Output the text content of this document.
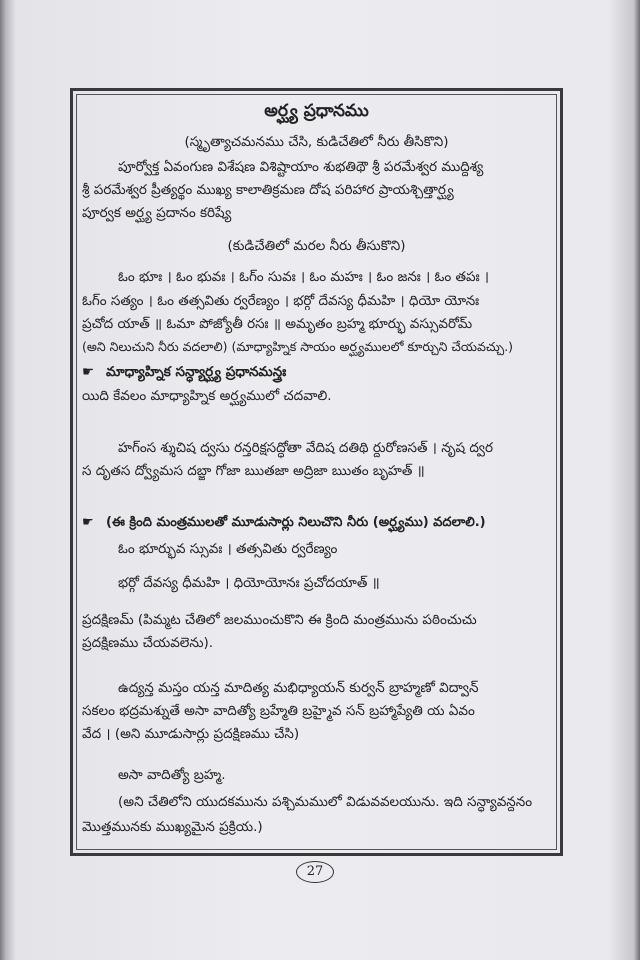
అర్ఘ్య ప్రధానము
(స్మృత్యాచమనము చేసి, కుడిచేతిలో నీరు తీసికొని)
పూర్వోక్త ఏవంగుణ విశేషణ విశిష్టాయాం శుభతిథౌ శ్రీ పరమేశ్వర ముద్దిశ్య
శ్రీ పరమేశ్వర ప్రీత్యర్థం ముఖ్య కాలాతిక్రమణ దోష పరిహార ప్రాయశ్చిత్తార్ఘ్య
పూర్వక అర్ఘ్య ప్రదానం కరిష్యే
(కుడిచేతిలో మరల నీరు తీసుకొని)
ఓం భూః । ఓం భువః । ఓగ్ం సువః । ఓం మహః । ఓం జనః । ఓం తపః ।
ఓగ్ం సత్యం । ఓం తత్సవితు ర్వరేణ్యం । భర్గో దేవస్య ధీమహి । ధియో యోనః
ప్రచోద యాత్ ॥ ఓమా పోజ్యోతీ రసః ॥ అమృతం బ్రహ్మ భూర్భు వస్సువరోమ్
(అని నిలుచుని నీరు వదలాలి) (మాధ్యాహ్నిక సాయం అర్ఘ్యములలో కూర్చుని చేయవచ్చు.)
☛ మాధ్యాహ్నిక సన్ధ్యార్ఘ్య ప్రధానమన్త్రః
యిది కేవలం మాధ్యాహ్నిక అర్ఘ్యములో చదవాలి.
హగ్ంస శ్శుచిష ద్వసు రన్తరిక్షసద్ధోతా వేదిష దతిథి ర్దురోణసత్ । నృష ద్వర
స దృతస ద్వ్యోమస దబ్జా గోజా ఋతజా అద్రిజా ఋతం బృహత్ ॥
☛ (ఈ క్రింది మంత్రములతో మూడుసార్లు నిలుచొని నీరు (అర్ఘ్యము) వదలాలి.)
ఓం భూర్భువ స్సువః । తత్సవితు ర్వరేణ్యం
భర్గో దేవస్య ధీమహి । ధియోయోనః ప్రచోదయాత్ ॥
ప్రదక్షిణమ్ (పిమ్మట చేతిలో జలముంచుకొని ఈ క్రింది మంత్రమును పఠించుచు
ప్రదక్షిణము చేయవలెను).
ఉద్యన్త మస్తం యన్త మాదిత్య మభిధ్యాయన్ కుర్వన్ బ్రాహ్మణో విద్వాన్
సకలం భద్రమశ్నుతే అసా వాదిత్యో బ్రహ్మేతి బ్రహ్మైవ సన్ బ్రహ్మాప్యేతి య ఏవం
వేద । (అని మూడుసార్లు ప్రదక్షిణము చేసి)
అసా వాదిత్యో బ్రహ్మ.
(అని చేతిలోని యుదకమును పశ్చిమములో విడువవలయును. ఇది సన్ధ్యావన్దనం
మొత్తమునకు ముఖ్యమైన ప్రక్రియ.)
27
